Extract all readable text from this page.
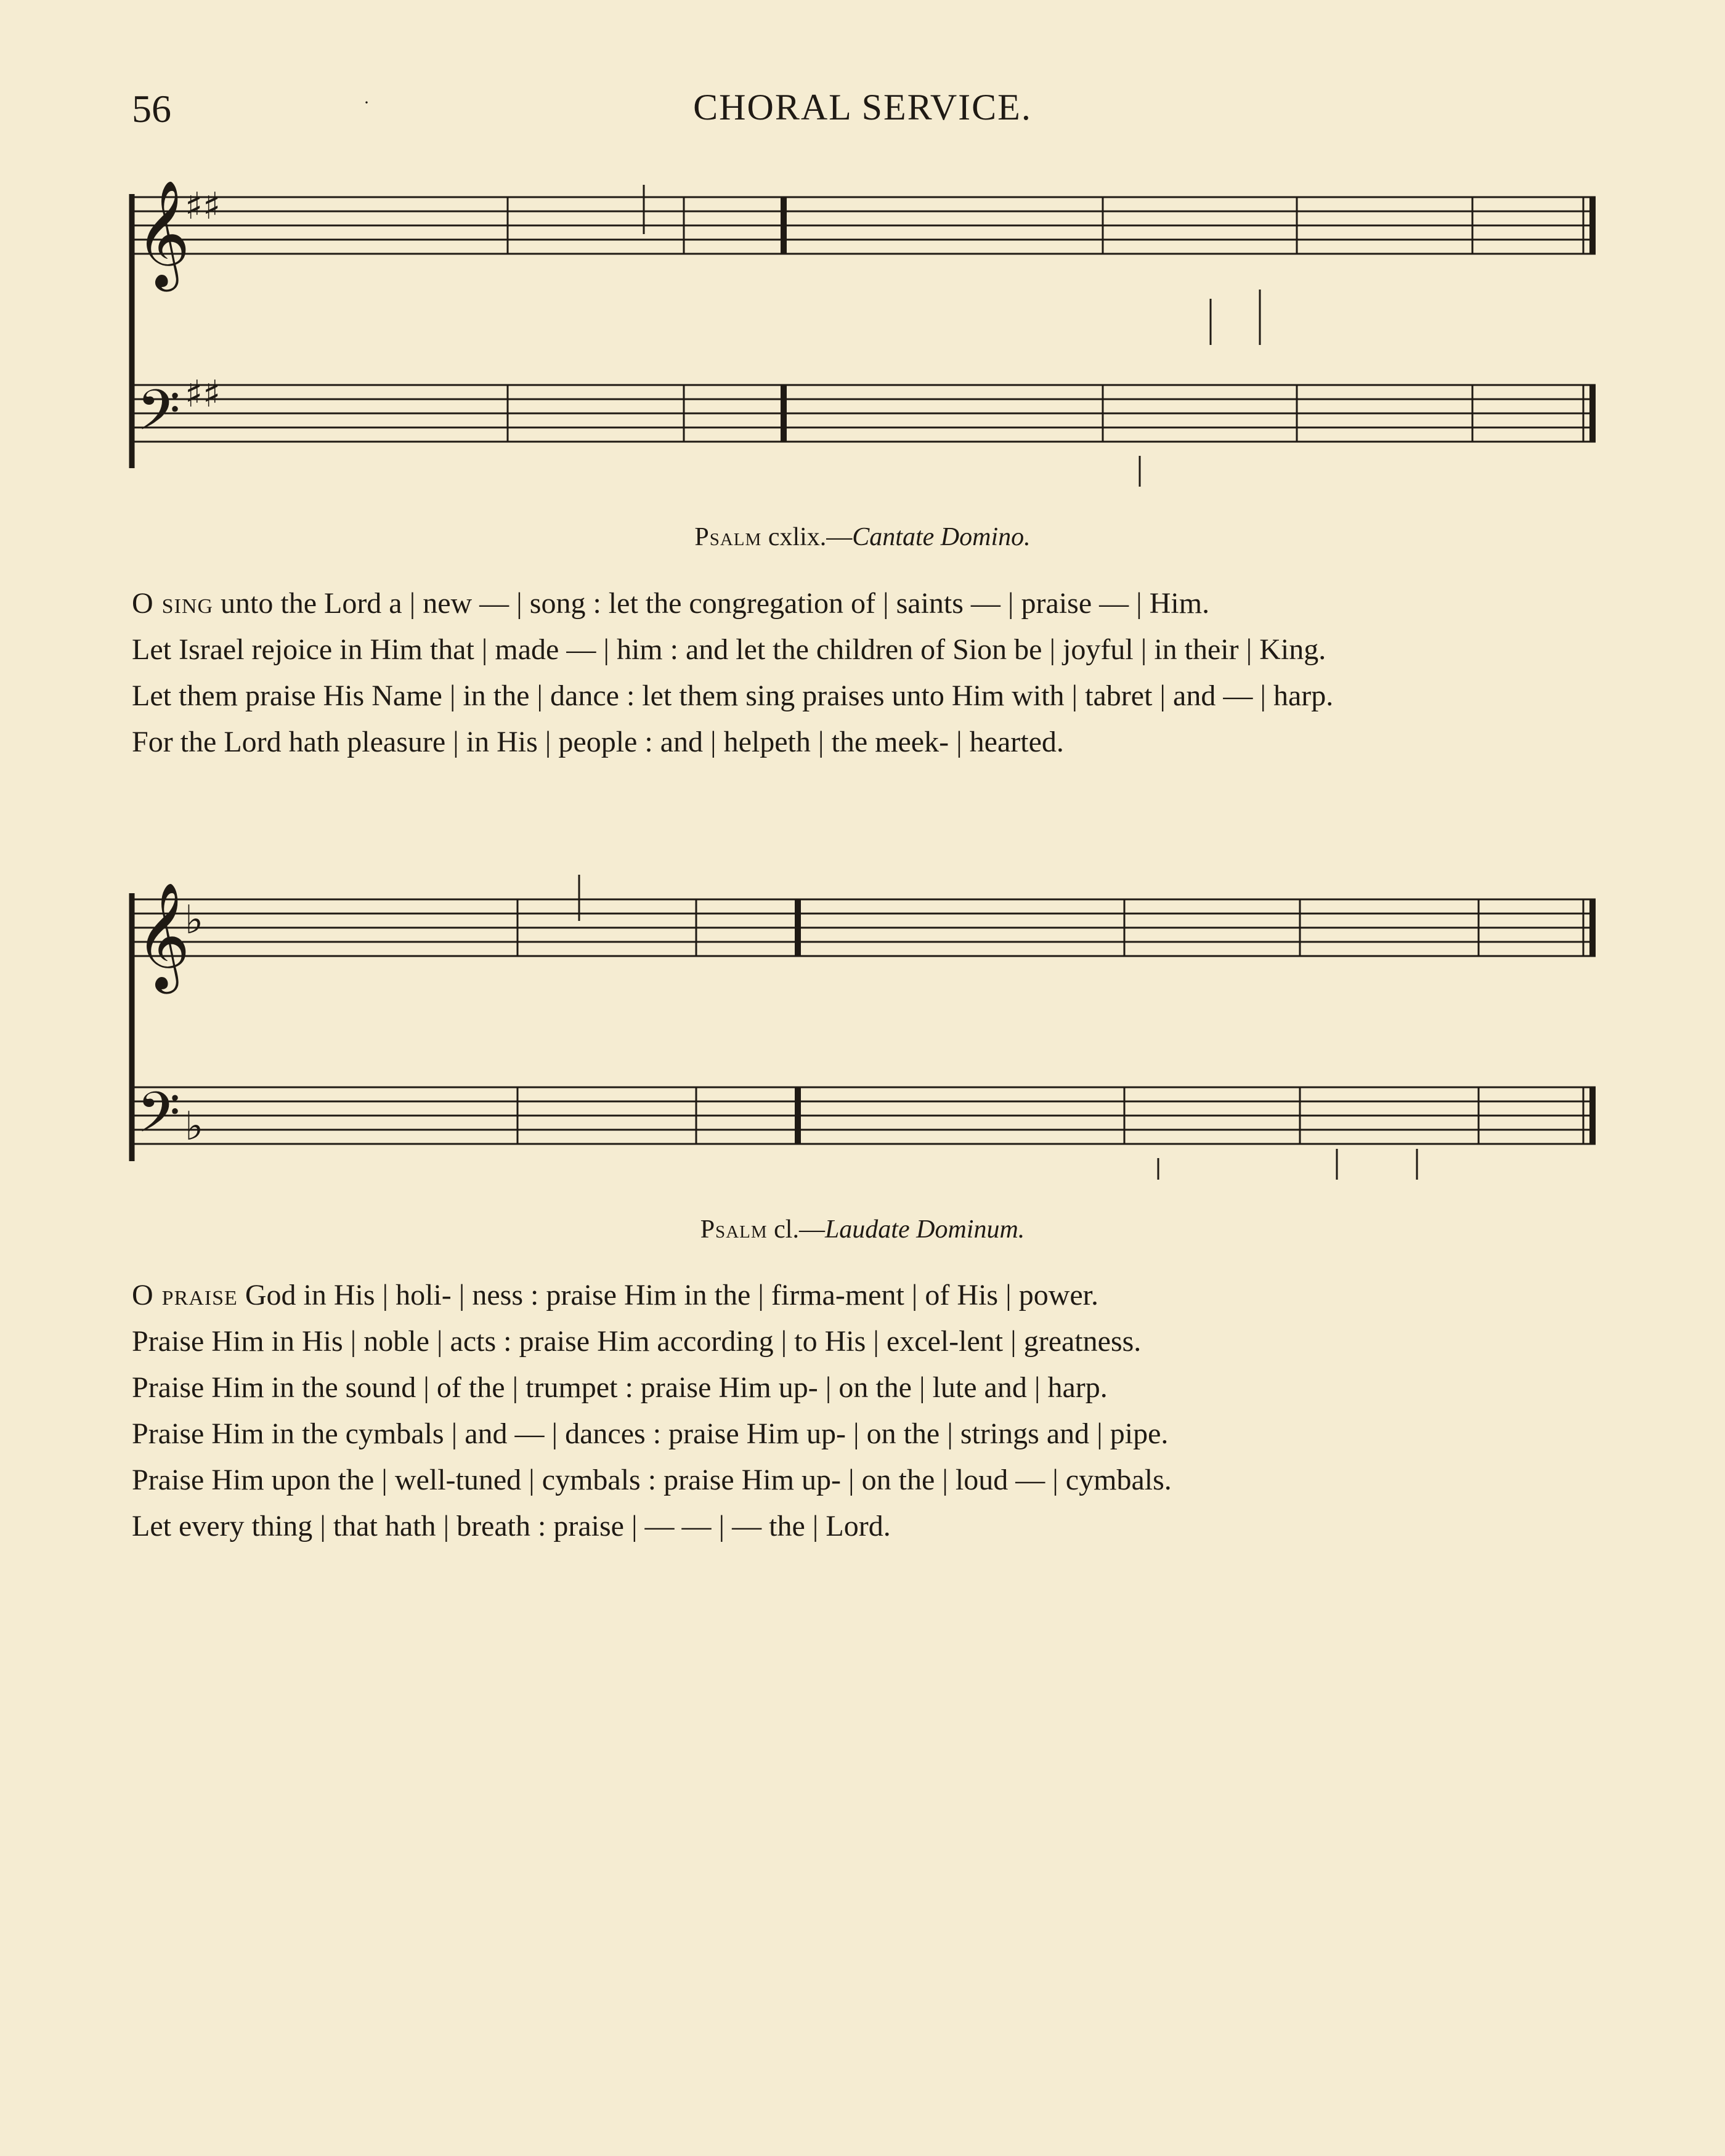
56	·	CHORAL SERVICE.
𝄞
♯♯
𝄢 ♯♯
Psalm cxlix.—Cantate Domino.

O sing unto the Lord a | new — | song : let the congregation of | saints — | praise — | Him.

Let Israel rejoice in Him that | made — | him : and let the children of Sion be | joyful | in their | King.

Let them praise His Name | in the | dance : let them sing praises unto Him with | tabret | and — | harp.

For the Lord hath pleasure | in His | people : and | helpeth | the meek- | hearted.

𝄞
♭
𝄢 ♭
Psalm cl.—Laudate Dominum.

O praise God in His | holi- | ness : praise Him in the | firma-ment | of His | power.

Praise Him in His | noble | acts : praise Him according | to His | excel-lent | greatness.

Praise Him in the sound | of the | trumpet : praise Him up- | on the | lute and | harp.

Praise Him in the cymbals | and — | dances : praise Him up- | on the | strings and | pipe.

Praise Him upon the | well-tuned | cymbals : praise Him up- | on the | loud — | cymbals.

Let every thing | that hath | breath : praise | — — | — the | Lord.
